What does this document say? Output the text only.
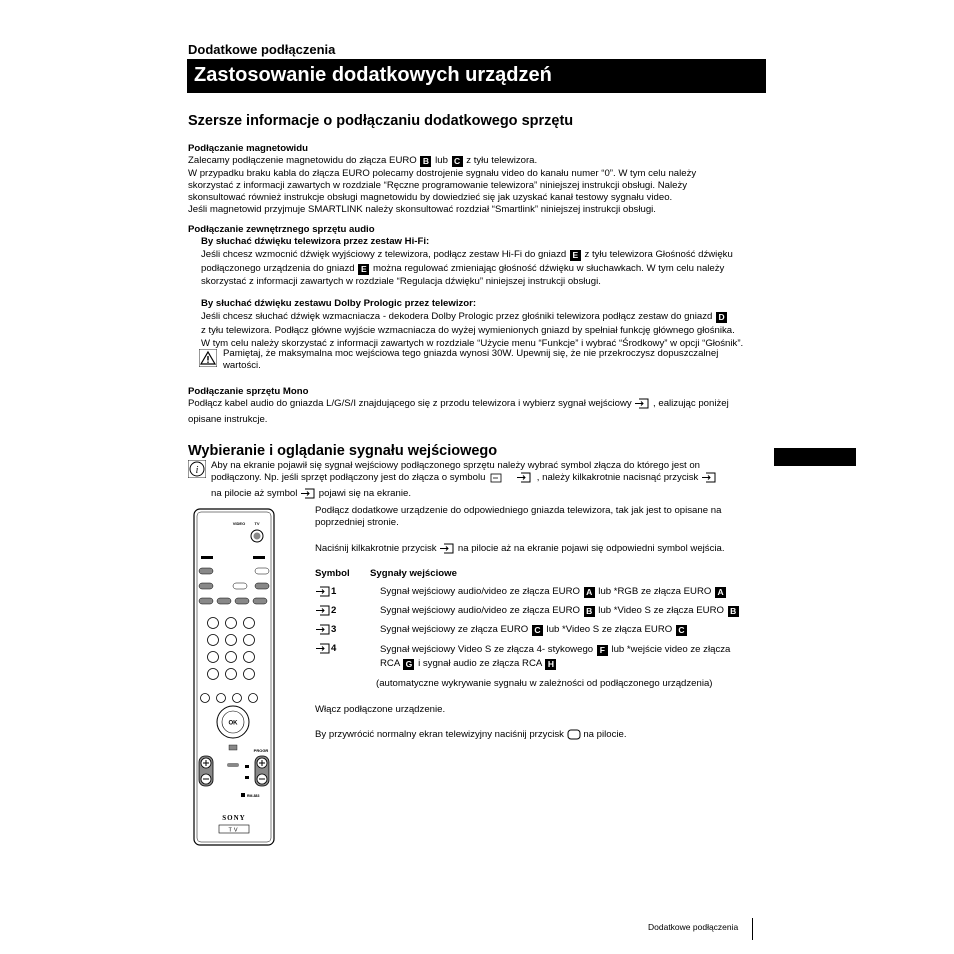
Dodatkowe podłączenia
Zastosowanie dodatkowych urządzeń
Szersze informacje o podłączaniu dodatkowego sprzętu
Podłączanie magnetowidu
Zalecamy podłączenie magnetowidu do złącza EURO B lub C z tyłu telewizora.
W przypadku braku kabla do złącza EURO polecamy dostrojenie sygnału video do kanału numer “0”. W tym celu należy
skorzystać z informacji zawartych w rozdziale “Ręczne programowanie telewizora” niniejszej instrukcji obsługi. Należy
skonsultować również instrukcje obsługi magnetowidu by dowiedzieć się jak uzyskać kanał testowy sygnału video.
Jeśli magnetowid przyjmuje SMARTLINK należy skonsultować rozdział “Smartlink” niniejszej instrukcji obsługi.
Podłączanie zewnętrznego sprzętu audio
By słuchać dźwięku telewizora przez zestaw Hi-Fi:
Jeśli chcesz wzmocnić dźwięk wyjściowy z telewizora, podłącz zestaw Hi-Fi do gniazd E z tyłu telewizora Głośność dźwięku
podłączonego urządzenia do gniazd E można regulować zmieniając głośność dźwięku w słuchawkach. W tym celu należy
skorzystać z informacji zawartych w rozdziale “Regulacja dźwięku” niniejszej instrukcji obsługi.
By słuchać dźwięku zestawu Dolby Prologic przez telewizor:
Jeśli chcesz słuchać dźwięk wzmacniacza - dekodera Dolby Prologic przez głośniki telewizora podłącz zestaw do gniazd D
z tyłu telewizora. Podłącz główne wyjście wzmacniacza do wyżej wymienionych gniazd by spełniał funkcję głównego głośnika.
W tym celu należy skorzystać z informacji zawartych w rozdziale “Użycie menu “Funkcje” i wybrać “Środkowy” w opcji “Głośnik”.
Pamiętaj, że maksymalna moc wejściowa tego gniazda wynosi 30W. Upewnij się, że nie przekroczysz dopuszczalnej
wartości.
Podłączanie sprzętu Mono
Podłącz kabel audio do gniazda L/G/S/I znajdującego się z przodu telewizora i wybierz sygnał wejściowy  , ealizując poniżej
opisane instrukcje.
Wybieranie i oglądanie sygnału wejściowego
i Aby na ekranie pojawił się sygnał wejściowy podłączonego sprzętu należy wybrać symbol złącza do którego jest on
podłączony. Np. jeśli sprzęt podłączony jest do złącza o symbolu	, należy kilkakrotnie nacisnąć przycisk
na pilocie aż symbol  pojawi się na ekranie.
Podłącz dodatkowe urządzenie do odpowiedniego gniazda telewizora, tak jak jest to opisane na
poprzedniej stronie.
Naciśnij kilkakrotnie przycisk  na pilocie aż na ekranie pojawi się odpowiedni symbol wejścia.
Symbol Sygnały wejściowe
1	Sygnał wejściowy audio/video ze złącza EURO A lub *RGB ze złącza EURO A
2	Sygnał wejściowy audio/video ze złącza EURO B lub *Video S ze złącza EURO B
3	Sygnał wejściowy ze złącza EURO C lub *Video S ze złącza EURO C
4	Sygnał wejściowy Video S ze złącza 4- stykowego F lub *wejście video ze złącza
RCA G i sygnał audio ze złącza RCA H
(automatyczne wykrywanie sygnału w zależności od podłączonego urządzenia)
Włącz podłączone urządzenie.
By przywrócić normalny ekran telewizyjny naciśnij przycisk  na pilocie.
VIDEO TV
OK
PROGR
RM-883
SONY
TV
Dodatkowe podłączenia
